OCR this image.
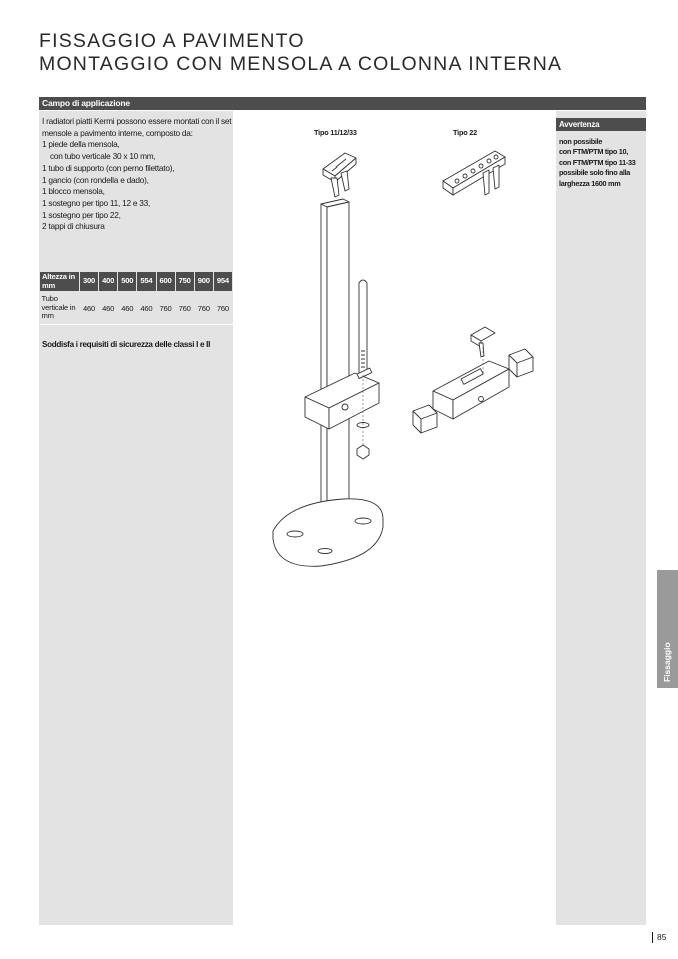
FISSAGGIO A PAVIMENTO
MONTAGGIO CON MENSOLA A COLONNA INTERNA
Campo di applicazione

I radiatori piatti Kermi possono essere montati con il set mensole a pavimento interne, composto da:

1 piede della mensola,
con tubo verticale 30 x 10 mm,
1 tubo di supporto (con perno filettato),
1 gancio (con rondella e dado),
1 blocco mensola,
1 sostegno per tipo 11, 12 e 33,
1 sostegno per tipo 22,
2 tappi di chiusura
Altezza in mm	300	400	500	554	600	750	900	954
Tubo verticale in mm	460	460	460	460	760	760	760	760
Soddisfa i requisiti di sicurezza delle classi I e II
Tipo 11/12/33	Tipo 22
Avvertenza
non possibile
con FTM/PTM tipo 10,
con FTM/PTM tipo 11-33
possibile solo fino alla
larghezza 1600 mm
Fissaggio
85
